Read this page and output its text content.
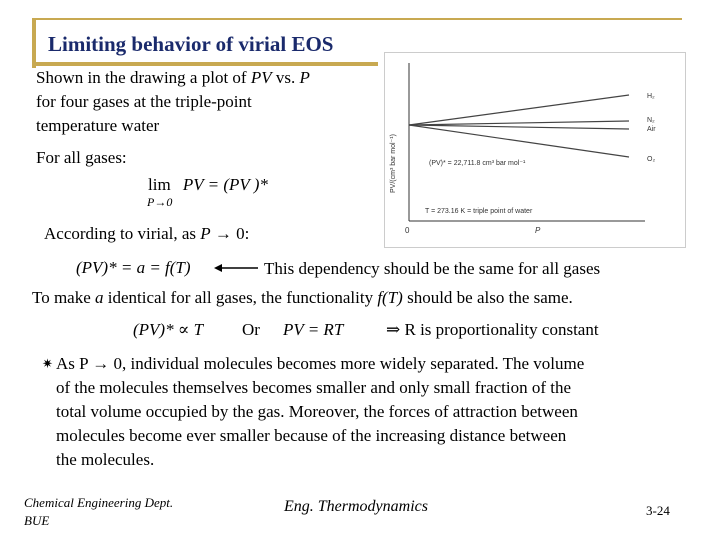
Limiting behavior of virial EOS
Shown in the drawing a plot of PV vs. P
for four gases at the triple-point
temperature water
For all gases:
lim PV = (PV )*
P→0
According to virial, as P → 0:
H₂
N₂
Air
O₂
PV/(cm³ bar mol⁻¹)
P
0
(PV)* = 22,711.8 cm³ bar mol⁻¹
T = 273.16 K = triple point of water
(PV)* = a = f(T)	This dependency should be the same for all gases
To make a identical for all gases, the functionality f(T) should be also the same.
(PV)* ∝ T Or PV = RT	⇒ R is proportionality constant
✷ As P → 0, individual molecules becomes more widely separated. The volume
of the molecules themselves becomes smaller and only small fraction of the
total volume occupied by the gas. Moreover, the forces of attraction between
molecules become ever smaller because of the increasing distance between
the molecules.
Chemical Engineering Dept.
BUE
Eng. Thermodynamics	3-24
